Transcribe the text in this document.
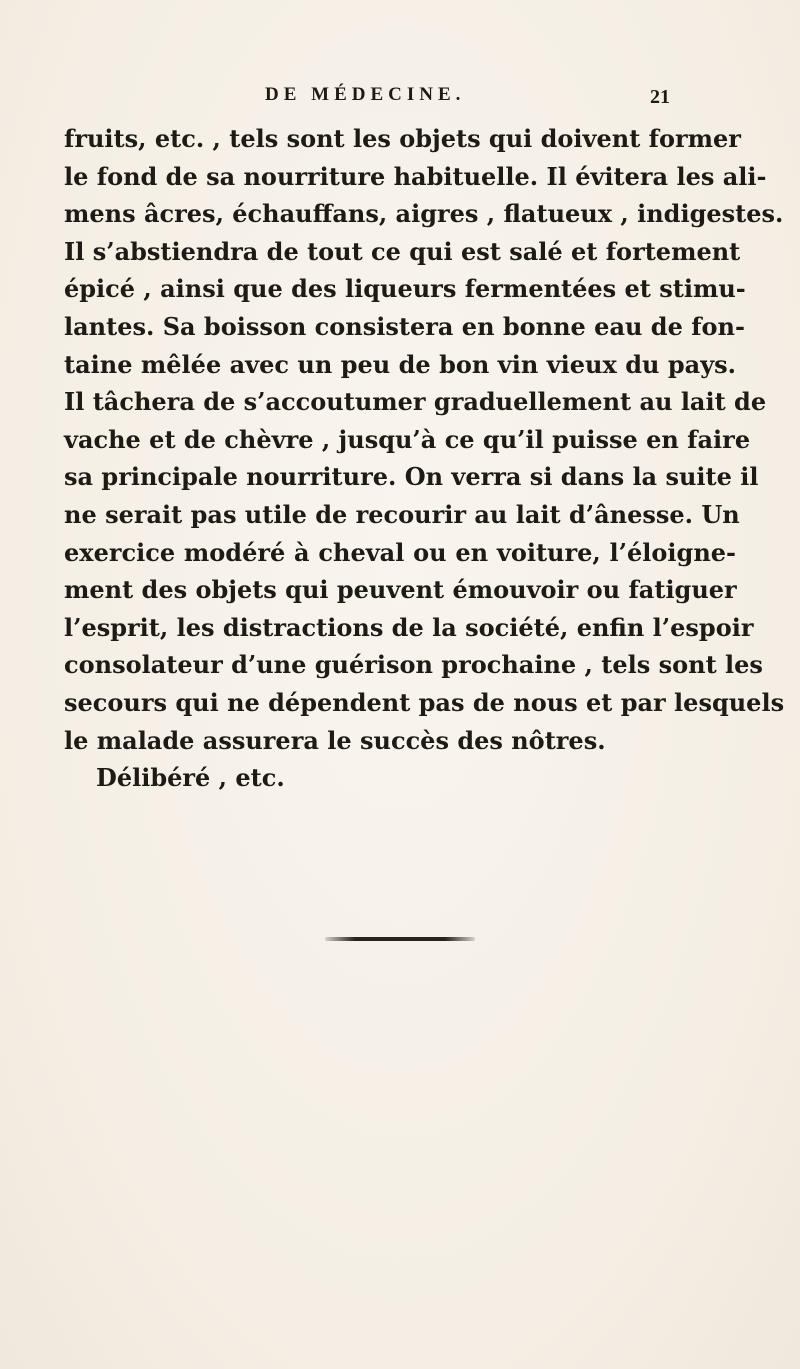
DE MÉDECINE.	21
fruits, etc. , tels sont les objets qui doivent former
le fond de sa nourriture habituelle. Il évitera les ali-
mens âcres, échauffans, aigres , flatueux , indigestes.
Il s’abstiendra de tout ce qui est salé et fortement
épicé , ainsi que des liqueurs fermentées et stimu-
lantes. Sa boisson consistera en bonne eau de fon-
taine mêlée avec un peu de bon vin vieux du pays.
Il tâchera de s’accoutumer graduellement au lait de
vache et de chèvre , jusqu’à ce qu’il puisse en faire
sa principale nourriture. On verra si dans la suite il
ne serait pas utile de recourir au lait d’ânesse. Un
exercice modéré à cheval ou en voiture, l’éloigne-
ment des objets qui peuvent émouvoir ou fatiguer
l’esprit, les distractions de la société, enfin l’espoir
consolateur d’une guérison prochaine , tels sont les
secours qui ne dépendent pas de nous et par lesquels
le malade assurera le succès des nôtres.
Délibéré , etc.
